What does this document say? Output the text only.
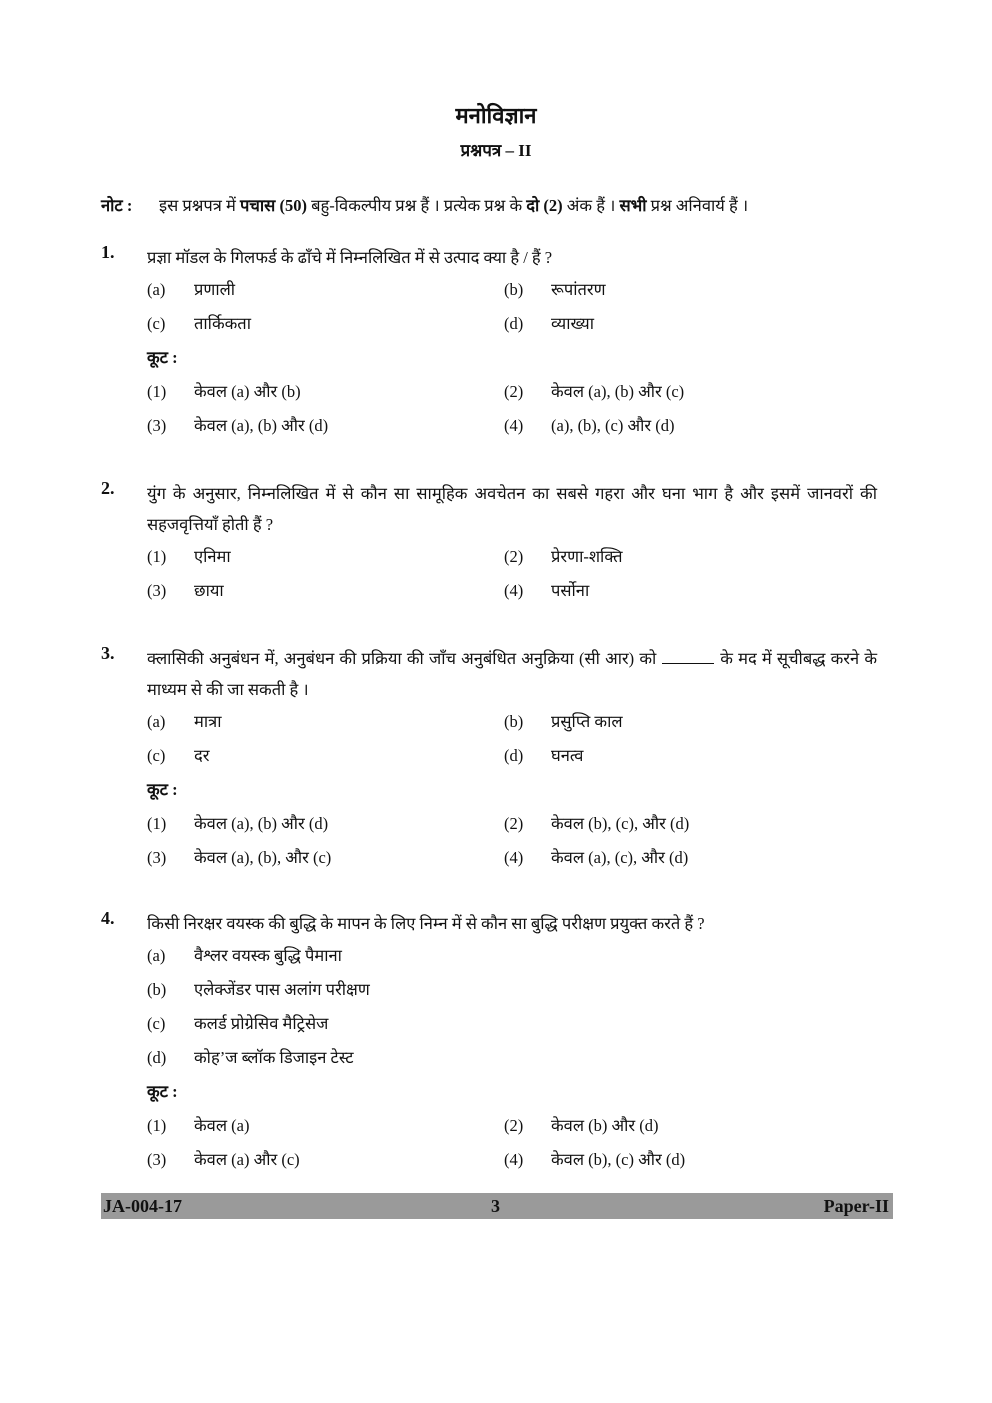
मनोविज्ञान
प्रश्नपत्र – II
नोट : इस प्रश्नपत्र में पचास (50) बहु-विकल्पीय प्रश्न हैं । प्रत्येक प्रश्न के दो (2) अंक हैं । सभी प्रश्न अनिवार्य हैं ।
1. प्रज्ञा मॉडल के गिलफर्ड के ढाँचे में निम्नलिखित में से उत्पाद क्या है / हैं ?
(a) प्रणाली	(b) रूपांतरण
(c) तार्किकता	(d) व्याख्या
कूट :
(1) केवल (a) और (b)	(2) केवल (a), (b) और (c)
(3) केवल (a), (b) और (d)	(4) (a), (b), (c) और (d)
2. युंग के अनुसार, निम्नलिखित में से कौन सा सामूहिक अवचेतन का सबसे गहरा और घना भाग है और इसमें जानवरों की सहजवृत्तियाँ होती हैं ?
(1) एनिमा	(2) प्रेरणा-शक्ति
(3) छाया	(4) पर्सोना
3. क्लासिकी अनुबंधन में, अनुबंधन की प्रक्रिया की जाँच अनुबंधित अनुक्रिया (सी आर) को	के मद में सूचीबद्ध करने के माध्यम से की जा सकती है ।
(a) मात्रा	(b) प्रसुप्ति काल
(c) दर	(d) घनत्व
कूट :
(1) केवल (a), (b) और (d)	(2) केवल (b), (c), और (d)
(3) केवल (a), (b), और (c)	(4) केवल (a), (c), और (d)
4. किसी निरक्षर वयस्क की बुद्धि के मापन के लिए निम्न में से कौन सा बुद्धि परीक्षण प्रयुक्त करते हैं ?
(a) वैश्लर वयस्क बुद्धि पैमाना
(b) एलेक्जेंडर पास अलांग परीक्षण
(c) कलर्ड प्रोग्रेसिव मैट्रिसेज
(d) कोह’ज ब्लॉक डिजाइन टेस्ट
कूट :
(1) केवल (a)	(2) केवल (b) और (d)
(3) केवल (a) और (c)	(4) केवल (b), (c) और (d)
JA-004-17	3	Paper-II
